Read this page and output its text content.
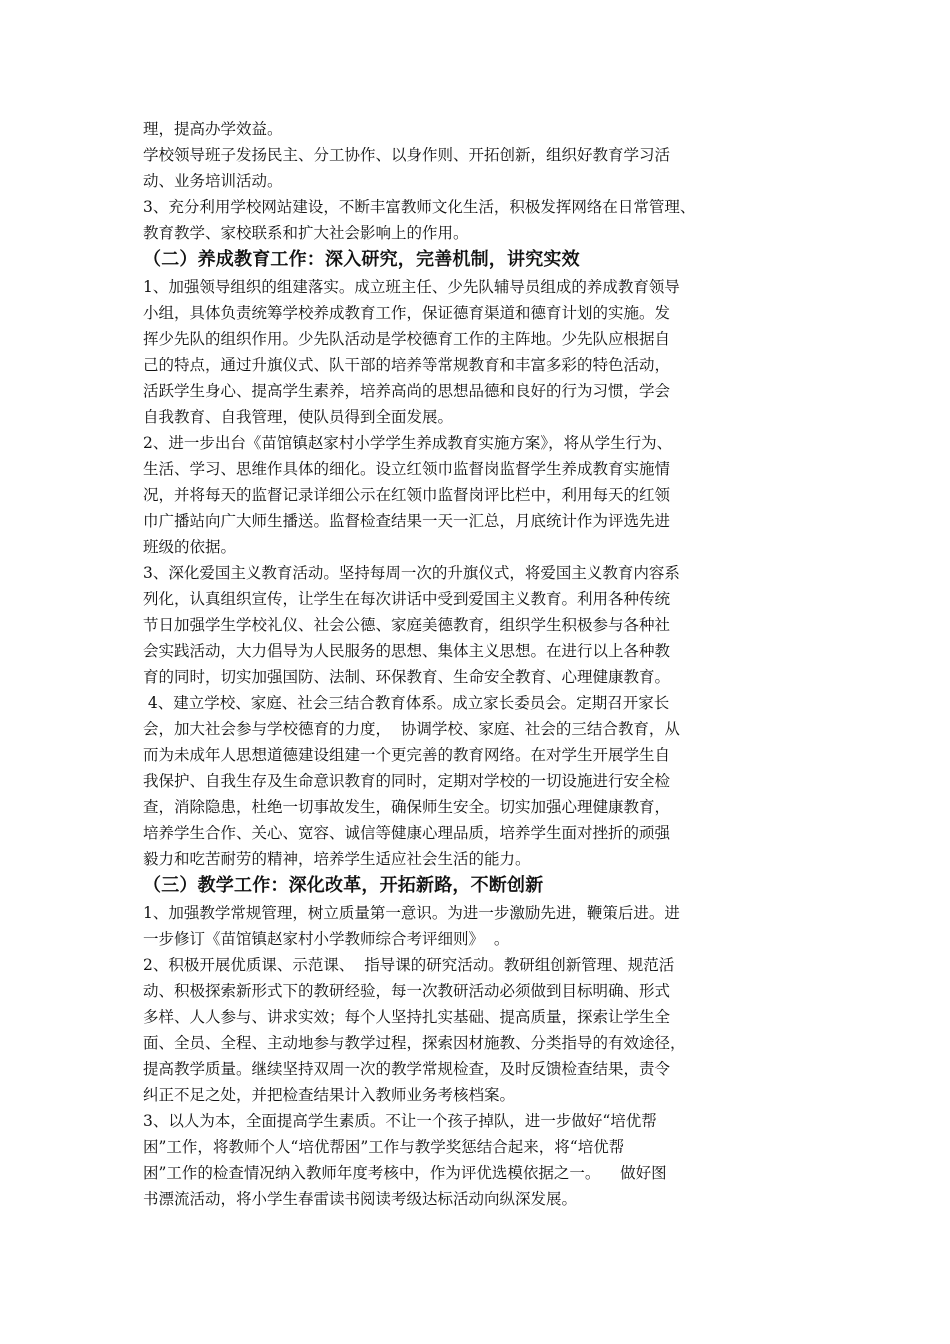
理，提高办学效益。
学校领导班子发扬民主、分工协作、以身作则、开拓创新，组织好教育学习活
动、业务培训活动。
3、充分利用学校网站建设，不断丰富教师文化生活，积极发挥网络在日常管理、
教育教学、家校联系和扩大社会影响上的作用。
（二）养成教育工作：深入研究，完善机制，讲究实效
1、加强领导组织的组建落实。成立班主任、少先队辅导员组成的养成教育领导
小组，具体负责统筹学校养成教育工作，保证德育渠道和德育计划的实施。发
挥少先队的组织作用。少先队活动是学校德育工作的主阵地。少先队应根据自
己的特点，通过升旗仪式、队干部的培养等常规教育和丰富多彩的特色活动，
活跃学生身心、提高学生素养，培养高尚的思想品德和良好的行为习惯，学会
自我教育、自我管理，使队员得到全面发展。
2、进一步出台《苗馆镇赵家村小学学生养成教育实施方案》，将从学生行为、
生活、学习、思维作具体的细化。设立红领巾监督岗监督学生养成教育实施情
况，并将每天的监督记录详细公示在红领巾监督岗评比栏中，利用每天的红领
巾广播站向广大师生播送。监督检查结果一天一汇总，月底统计作为评选先进
班级的依据。
3、深化爱国主义教育活动。坚持每周一次的升旗仪式，将爱国主义教育内容系
列化，认真组织宣传，让学生在每次讲话中受到爱国主义教育。利用各种传统
节日加强学生学校礼仪、社会公德、家庭美德教育，组织学生积极参与各种社
会实践活动，大力倡导为人民服务的思想、集体主义思想。在进行以上各种教
育的同时，切实加强国防、法制、环保教育、生命安全教育、心理健康教育。
4、建立学校、家庭、社会三结合教育体系。成立家长委员会。定期召开家长
会，加大社会参与学校德育的力度，  协调学校、家庭、社会的三结合教育，从
而为未成年人思想道德建设组建一个更完善的教育网络。在对学生开展学生自
我保护、自我生存及生命意识教育的同时，定期对学校的一切设施进行安全检
查，消除隐患，杜绝一切事故发生，确保师生安全。切实加强心理健康教育，
培养学生合作、关心、宽容、诚信等健康心理品质，培养学生面对挫折的顽强
毅力和吃苦耐劳的精神，培养学生适应社会生活的能力。
（三）教学工作：深化改革，开拓新路，不断创新
1、加强教学常规管理，树立质量第一意识。为进一步激励先进，鞭策后进。进
一步修订《苗馆镇赵家村小学教师综合考评细则》  。
2、积极开展优质课、示范课、  指导课的研究活动。教研组创新管理、规范活
动、积极探索新形式下的教研经验，每一次教研活动必须做到目标明确、形式
多样、人人参与、讲求实效；每个人坚持扎实基础、提高质量，探索让学生全
面、全员、全程、主动地参与教学过程，探索因材施教、分类指导的有效途径，
提高教学质量。继续坚持双周一次的教学常规检查，及时反馈检查结果，责令
纠正不足之处，并把检查结果计入教师业务考核档案。
3、以人为本，全面提高学生素质。不让一个孩子掉队，进一步做好“培优帮
困”工作，将教师个人“培优帮困”工作与教学奖惩结合起来，将“培优帮
困”工作的检查情况纳入教师年度考核中，作为评优选模依据之一。    做好图
书漂流活动，将小学生春雷读书阅读考级达标活动向纵深发展。
